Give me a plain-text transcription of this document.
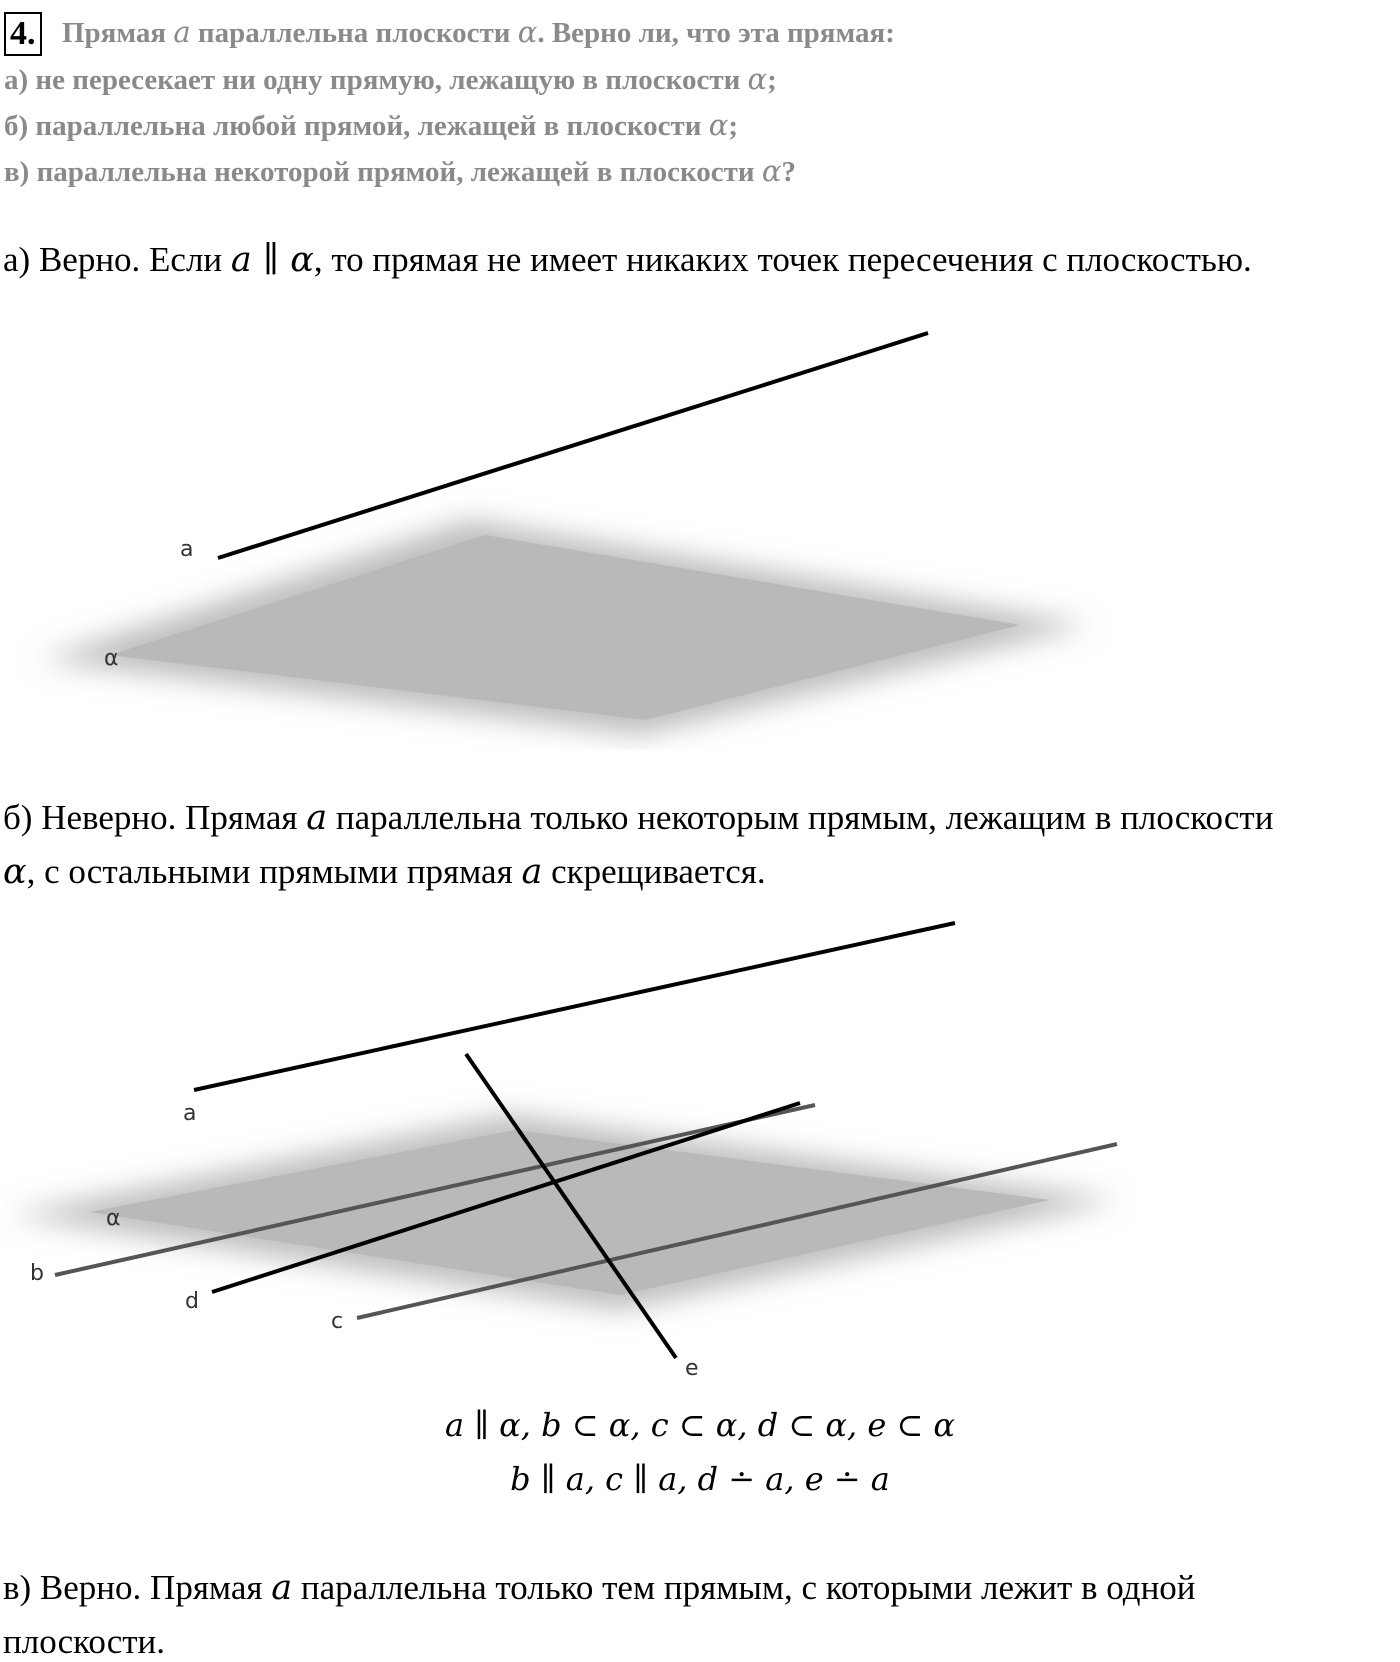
4. Прямая a параллельна плоскости α. Верно ли, что эта прямая:
а) не пересекает ни одну прямую, лежащую в плоскости α;
б) параллельна любой прямой, лежащей в плоскости α;
в) параллельна некоторой прямой, лежащей в плоскости α?
а) Верно. Если a ∥ α, то прямая не имеет никаких точек пересечения с плоскостью.
a
α
б) Неверно. Прямая a параллельна только некоторым прямым, лежащим в плоскости
α, с остальными прямыми прямая a скрещивается.
a
α
b
d
c
e
a ∥ α, b ⊂ α, c ⊂ α, d ⊂ α, e ⊂ α
b ∥ a, c ∥ a, d ∸ a, e ∸ a
в) Верно. Прямая a параллельна только тем прямым, с которыми лежит в одной
плоскости.
